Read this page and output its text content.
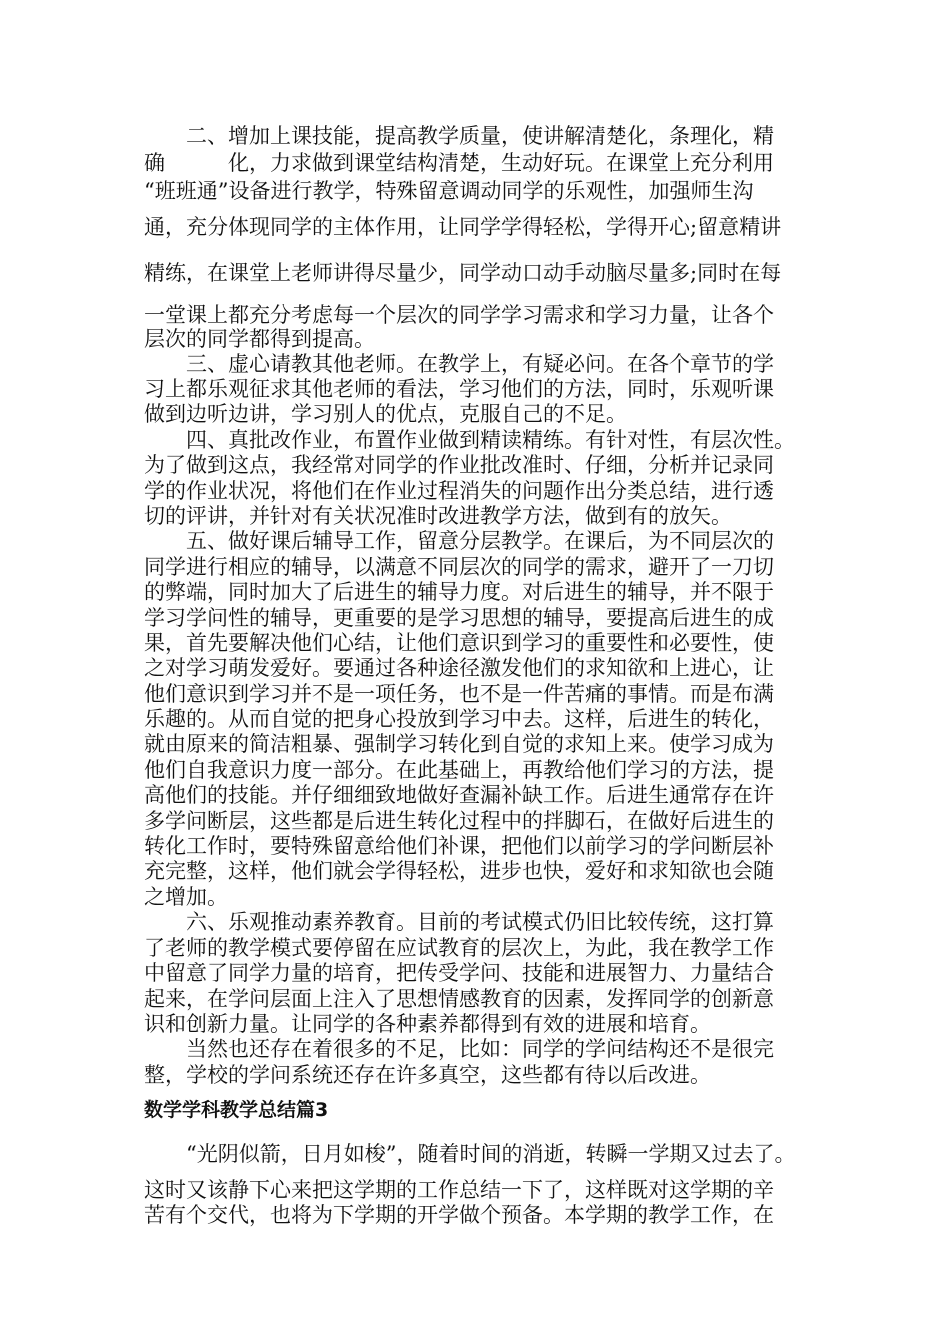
二、增加上课技能，提高教学质量，使讲解清楚化，条理化，精
确　　　化，力求做到课堂结构清楚，生动好玩。在课堂上充分利用
“班班通”设备进行教学，特殊留意调动同学的乐观性，加强师生沟
通，充分体现同学的主体作用，让同学学得轻松，学得开心;留意精讲
精练，在课堂上老师讲得尽量少，同学动口动手动脑尽量多;同时在每
一堂课上都充分考虑每一个层次的同学学习需求和学习力量，让各个
层次的同学都得到提高。
三、虚心请教其他老师。在教学上，有疑必问。在各个章节的学
习上都乐观征求其他老师的看法，学习他们的方法，同时，乐观听课
做到边听边讲，学习别人的优点，克服自己的不足。
四、真批改作业，布置作业做到精读精练。有针对性，有层次性。
为了做到这点，我经常对同学的作业批改准时、仔细，分析并记录同
学的作业状况，将他们在作业过程消失的问题作出分类总结，进行透
切的评讲，并针对有关状况准时改进教学方法，做到有的放矢。
五、做好课后辅导工作，留意分层教学。在课后，为不同层次的
同学进行相应的辅导，以满意不同层次的同学的需求，避开了一刀切
的弊端，同时加大了后进生的辅导力度。对后进生的辅导，并不限于
学习学问性的辅导，更重要的是学习思想的辅导，要提高后进生的成
果，首先要解决他们心结，让他们意识到学习的重要性和必要性，使
之对学习萌发爱好。要通过各种途径激发他们的求知欲和上进心，让
他们意识到学习并不是一项任务，也不是一件苦痛的事情。而是布满
乐趣的。从而自觉的把身心投放到学习中去。这样，后进生的转化，
就由原来的简洁粗暴、强制学习转化到自觉的求知上来。使学习成为
他们自我意识力度一部分。在此基础上，再教给他们学习的方法，提
高他们的技能。并仔细细致地做好查漏补缺工作。后进生通常存在许
多学问断层，这些都是后进生转化过程中的拌脚石，在做好后进生的
转化工作时，要特殊留意给他们补课，把他们以前学习的学问断层补
充完整，这样，他们就会学得轻松，进步也快，爱好和求知欲也会随
之增加。
六、乐观推动素养教育。目前的考试模式仍旧比较传统，这打算
了老师的教学模式要停留在应试教育的层次上，为此，我在教学工作
中留意了同学力量的培育，把传受学问、技能和进展智力、力量结合
起来，在学问层面上注入了思想情感教育的因素，发挥同学的创新意
识和创新力量。让同学的各种素养都得到有效的进展和培育。
当然也还存在着很多的不足，比如：同学的学问结构还不是很完
整，学校的学问系统还存在许多真空，这些都有待以后改进。
数学学科教学总结篇3
“光阴似箭，日月如梭”，随着时间的消逝，转瞬一学期又过去了。
这时又该静下心来把这学期的工作总结一下了，这样既对这学期的辛
苦有个交代，也将为下学期的开学做个预备。本学期的教学工作，在
